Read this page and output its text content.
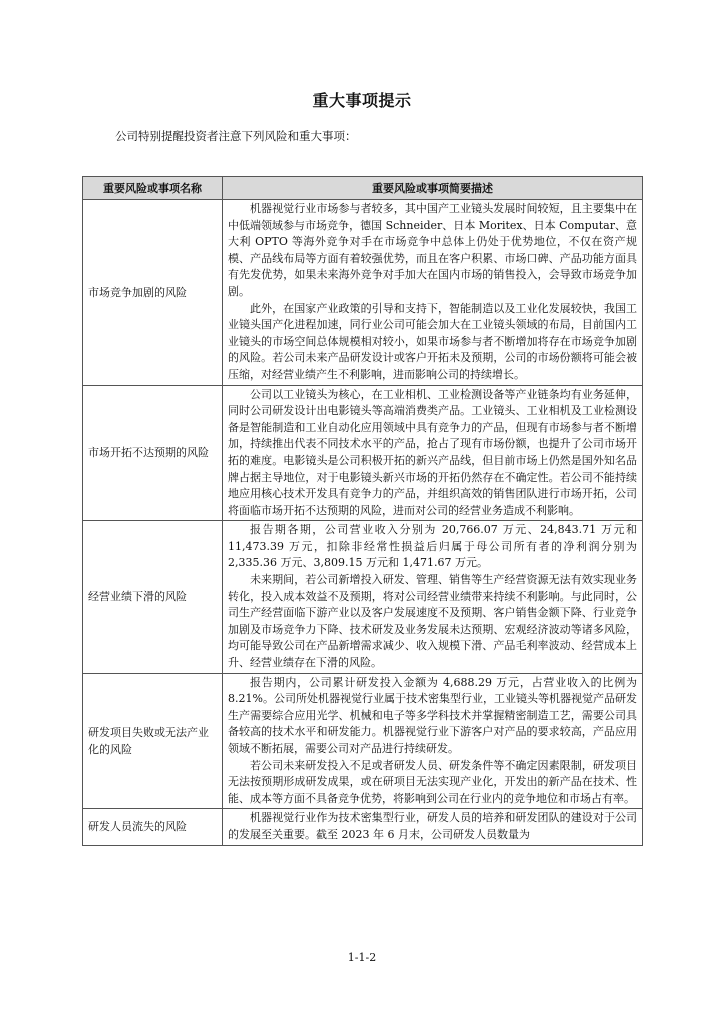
重大事项提示
公司特别提醒投资者注意下列风险和重大事项：
重要风险或事项名称	重要风险或事项简要描述
市场竞争加剧的风险	机器视觉行业市场参与者较多，其中国产工业镜头发展时间较短，且主要集中在中低端领域参与市场竞争，德国 Schneider、日本 Moritex、日本 Computar、意大利 OPTO 等海外竞争对手在市场竞争中总体上仍处于优势地位，不仅在资产规模、产品线布局等方面有着较强优势，而且在客户积累、市场口碑、产品功能方面具有先发优势，如果未来海外竞争对手加大在国内市场的销售投入，会导致市场竞争加剧。

此外，在国家产业政策的引导和支持下，智能制造以及工业化发展较快，我国工业镜头国产化进程加速，同行业公司可能会加大在工业镜头领域的布局，目前国内工业镜头的市场空间总体规模相对较小，如果市场参与者不断增加将存在市场竞争加剧的风险。若公司未来产品研发设计或客户开拓未及预期，公司的市场份额将可能会被压缩，对经营业绩产生不利影响，进而影响公司的持续增长。

市场开拓不达预期的风险	公司以工业镜头为核心，在工业相机、工业检测设备等产业链条均有业务延伸，同时公司研发设计出电影镜头等高端消费类产品。工业镜头、工业相机及工业检测设备是智能制造和工业自动化应用领域中具有竞争力的产品，但现有市场参与者不断增加，持续推出代表不同技术水平的产品，抢占了现有市场份额，也提升了公司市场开拓的难度。电影镜头是公司积极开拓的新兴产品线，但目前市场上仍然是国外知名品牌占据主导地位，对于电影镜头新兴市场的开拓仍然存在不确定性。若公司不能持续地应用核心技术开发具有竞争力的产品，并组织高效的销售团队进行市场开拓，公司将面临市场开拓不达预期的风险，进而对公司的经营业务造成不利影响。

经营业绩下滑的风险	报告期各期，公司营业收入分别为 20,766.07 万元、24,843.71 万元和 11,473.39 万元，扣除非经常性损益后归属于母公司所有者的净利润分别为 2,335.36 万元、3,809.15 万元和 1,471.67 万元。

未来期间，若公司新增投入研发、管理、销售等生产经营资源无法有效实现业务转化，投入成本效益不及预期，将对公司经营业绩带来持续不利影响。与此同时，公司生产经营面临下游产业以及客户发展速度不及预期、客户销售金额下降、行业竞争加剧及市场竞争力下降、技术研发及业务发展未达预期、宏观经济波动等诸多风险，均可能导致公司在产品新增需求减少、收入规模下滑、产品毛利率波动、经营成本上升、经营业绩存在下滑的风险。

研发项目失败或无法产业化的风险	报告期内，公司累计研发投入金额为 4,688.29 万元，占营业收入的比例为 8.21%。公司所处机器视觉行业属于技术密集型行业，工业镜头等机器视觉产品研发生产需要综合应用光学、机械和电子等多学科技术并掌握精密制造工艺，需要公司具备较高的技术水平和研发能力。机器视觉行业下游客户对产品的要求较高，产品应用领域不断拓展，需要公司对产品进行持续研发。

若公司未来研发投入不足或者研发人员、研发条件等不确定因素限制，研发项目无法按预期形成研发成果，或在研项目无法实现产业化，开发出的新产品在技术、性能、成本等方面不具备竞争优势，将影响到公司在行业内的竞争地位和市场占有率。

研发人员流失的风险	机器视觉行业作为技术密集型行业，研发人员的培养和研发团队的建设对于公司的发展至关重要。截至 2023 年 6 月末，公司研发人员数量为

1-1-2
